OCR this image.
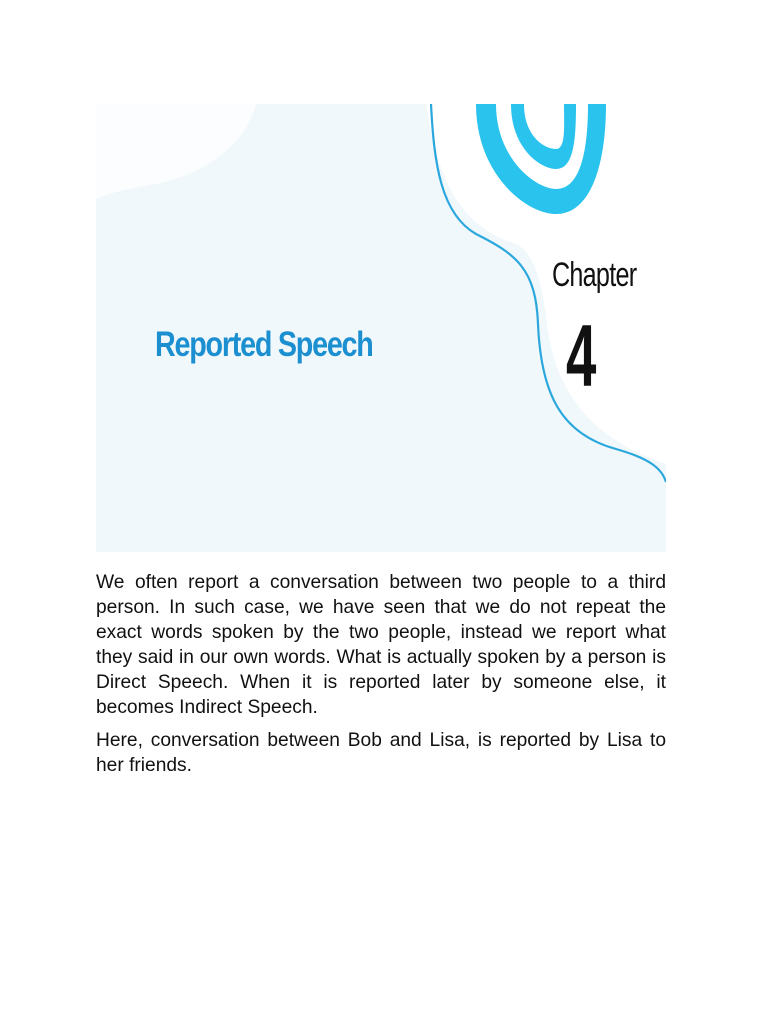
Reported Speech
Chapter
4

We often report a conversation between two people to a third person. In such case, we have seen that we do not repeat the exact words spoken by the two people, instead we report what they said in our own words. What is actually spoken by a person is Direct Speech. When it is reported later by someone else, it becomes Indirect Speech.

Here, conversation between Bob and Lisa, is reported by Lisa to her friends.
